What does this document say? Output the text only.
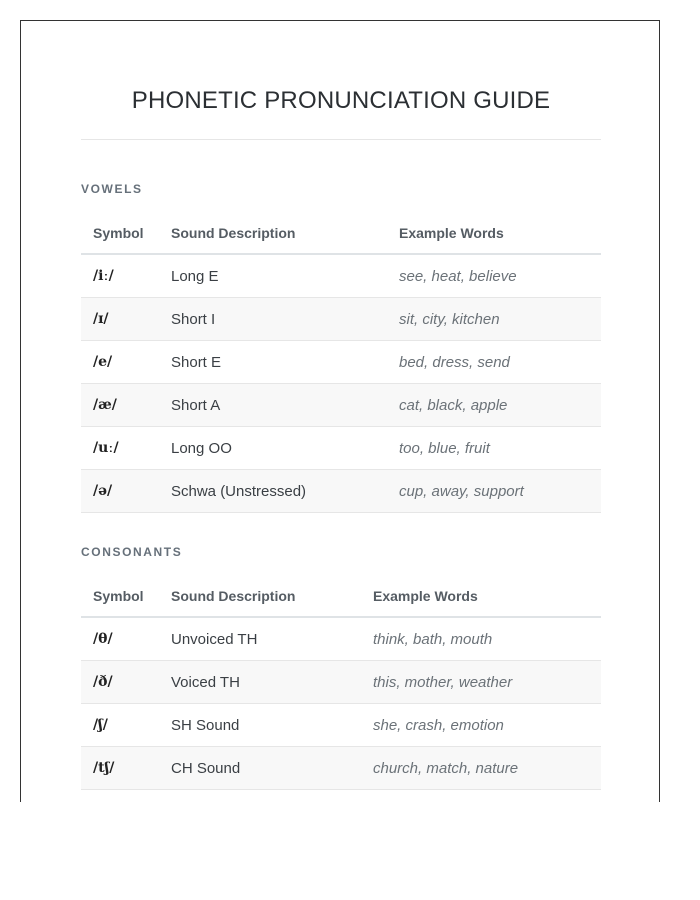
PHONETIC PRONUNCIATION GUIDE
VOWELS
Symbol	Sound Description	Example Words
/iː/	Long E	see, heat, believe
/ɪ/	Short I	sit, city, kitchen
/e/	Short E	bed, dress, send
/æ/	Short A	cat, black, apple
/uː/	Long OO	too, blue, fruit
/ə/	Schwa (Unstressed)	cup, away, support
CONSONANTS
Symbol	Sound Description	Example Words
/θ/	Unvoiced TH	think, bath, mouth
/ð/	Voiced TH	this, mother, weather
/ʃ/	SH Sound	she, crash, emotion
/tʃ/	CH Sound	church, match, nature
